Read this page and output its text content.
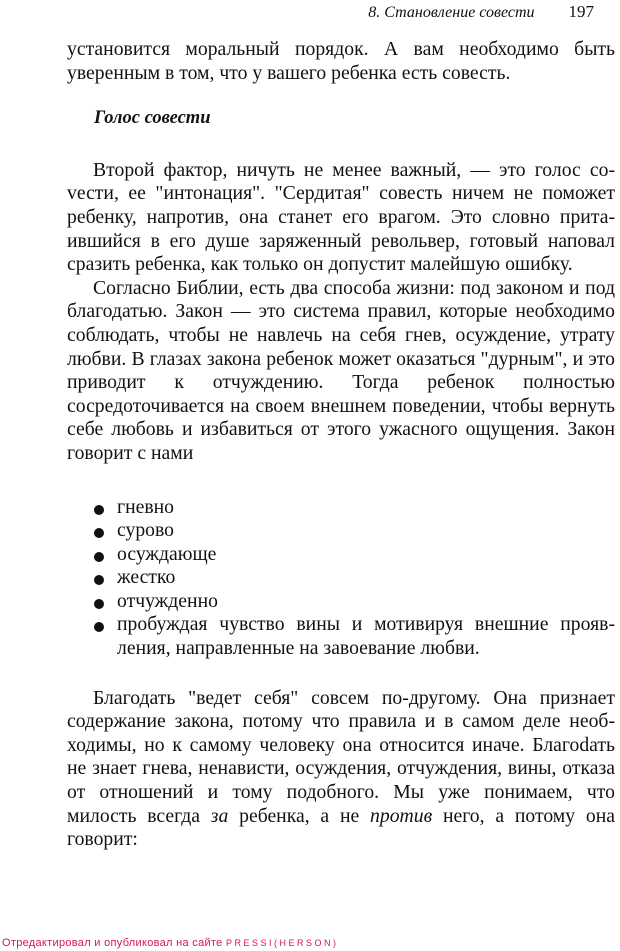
8. Становление совести 197

установится моральный порядок. А вам необходимо быть уверенным в том, что у вашего ребенка есть совесть.

Голос совести

Второй фактор, ничуть не менее важный, — это голос соvести, ее "интонация". "Сердитая" совесть ничем не поможет ребенку, напротив, она станет его врагом. Это словно притаившийся в его душе заряженный револьвер, готовый наповал сразить ребенка, как только он допустит малейшую ошибку.

Согласно Библии, есть два способа жизни: под законом и под благодатью. Закон — это система правил, которые необходимо соблюдать, чтобы не навлечь на себя гнев, осуждение, утрату любви. В глазах закона ребенок может оказаться "дурным", и это приводит к отчуждению. Тогда ребенок полностью сосредоточивается на своем внешнем поведении, чтобы вернуть себе любовь и избавиться от этого ужасного ощущения. Закон говорит с нами

гневно
сурово
осуждающе
жестко
отчужденно
пробуждая чувство вины и мотивируя внешние проявления, направленные на завоевание любви.

Благодать "ведет себя" совсем по-другому. Она признает содержание закона, потому что правила и в самом деле необходимы, но к самому человеку она относится иначе. Благоdать не знает гнева, ненависти, осуждения, отчуждения, вины, отказа от отношений и тому подобного. Мы уже понимаем, что милость всегда за ребенка, а не против него, а потому она говорит:

Отредактировал и опубликовал на сайте PRESSI(HERSON)
